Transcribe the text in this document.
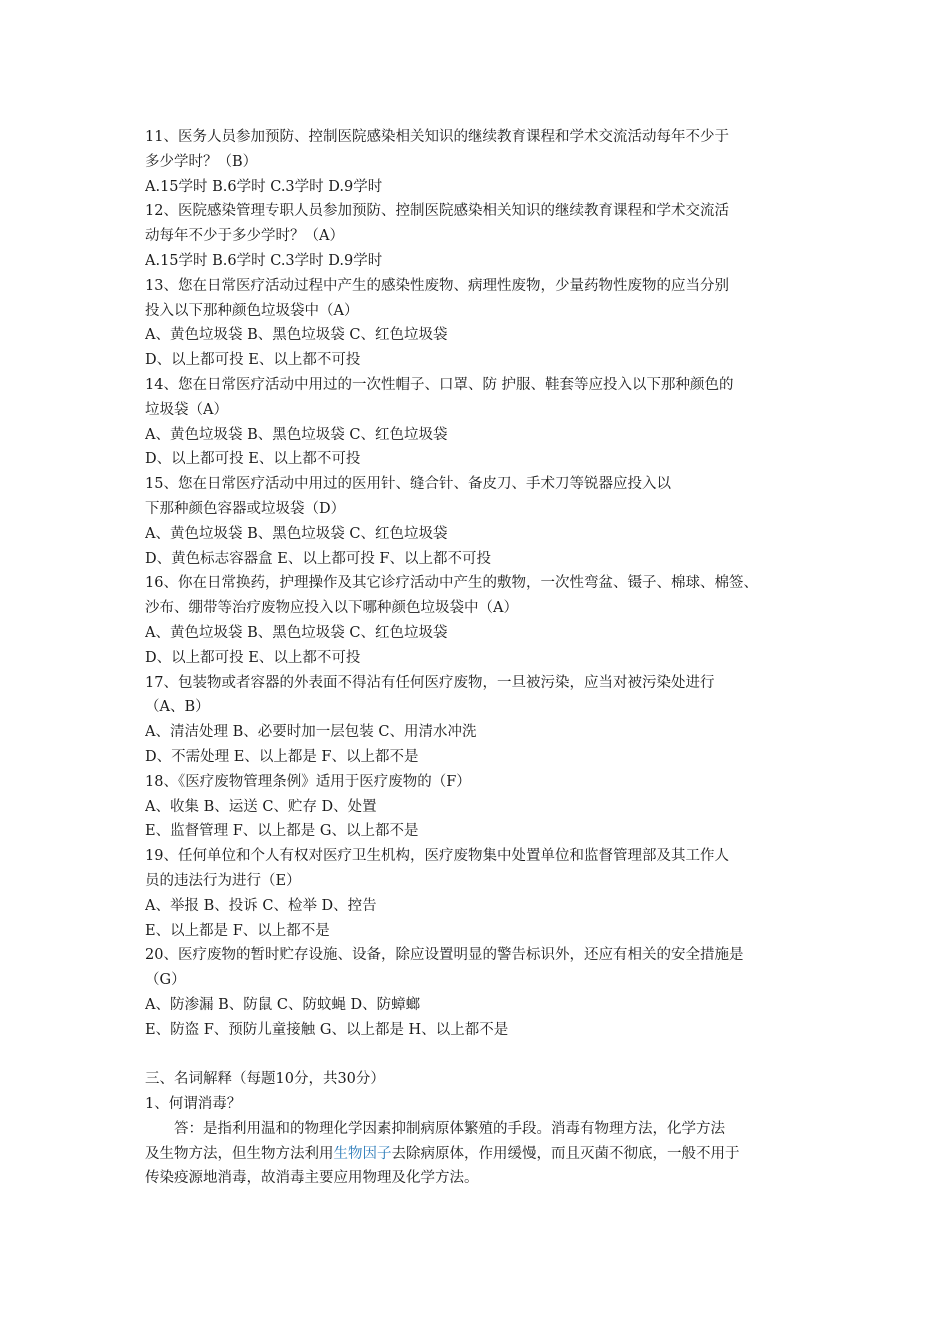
11、医务人员参加预防、控制医院感染相关知识的继续教育课程和学术交流活动每年不少于
多少学时？（B）
A.15学时 B.6学时 C.3学时 D.9学时
12、医院感染管理专职人员参加预防、控制医院感染相关知识的继续教育课程和学术交流活
动每年不少于多少学时？（A）
A.15学时 B.6学时 C.3学时 D.9学时
13、您在日常医疗活动过程中产生的感染性废物、病理性废物，少量药物性废物的应当分别
投入以下那种颜色垃圾袋中（A）
A、黄色垃圾袋 B、黑色垃圾袋 C、红色垃圾袋
D、以上都可投 E、以上都不可投
14、您在日常医疗活动中用过的一次性帽子、口罩、防 护服、鞋套等应投入以下那种颜色的
垃圾袋（A）
A、黄色垃圾袋 B、黑色垃圾袋 C、红色垃圾袋
D、以上都可投 E、以上都不可投
15、您在日常医疗活动中用过的医用针、缝合针、备皮刀、手术刀等锐器应投入以
下那种颜色容器或垃圾袋（D）
A、黄色垃圾袋 B、黑色垃圾袋 C、红色垃圾袋
D、黄色标志容器盒 E、以上都可投 F、以上都不可投
16、你在日常换药，护理操作及其它诊疗活动中产生的敷物，一次性弯盆、镊子、棉球、棉签、
沙布、绷带等治疗废物应投入以下哪种颜色垃圾袋中（A）
A、黄色垃圾袋 B、黑色垃圾袋 C、红色垃圾袋
D、以上都可投 E、以上都不可投
17、包装物或者容器的外表面不得沾有任何医疗废物，一旦被污染，应当对被污染处进行
（A、B）
A、清洁处理 B、必要时加一层包装 C、用清水冲洗
D、不需处理 E、以上都是 F、以上都不是
18、《医疗废物管理条例》适用于医疗废物的（F）
A、收集 B、运送 C、贮存 D、处置
E、监督管理 F、以上都是 G、以上都不是
19、任何单位和个人有权对医疗卫生机构，医疗废物集中处置单位和监督管理部及其工作人
员的违法行为进行（E）
A、举报 B、投诉 C、检举 D、控告
E、以上都是 F、以上都不是
20、医疗废物的暂时贮存设施、设备，除应设置明显的警告标识外，还应有相关的安全措施是
（G）
A、防渗漏 B、防鼠 C、防蚊蝇 D、防蟑螂
E、防盗 F、预防儿童接触 G、以上都是 H、以上都不是
三、名词解释（每题10分，共30分）
1、何谓消毒？
答：是指利用温和的物理化学因素抑制病原体繁殖的手段。消毒有物理方法，化学方法
及生物方法，但生物方法利用生物因子去除病原体，作用缓慢，而且灭菌不彻底，一般不用于
传染疫源地消毒，故消毒主要应用物理及化学方法。
